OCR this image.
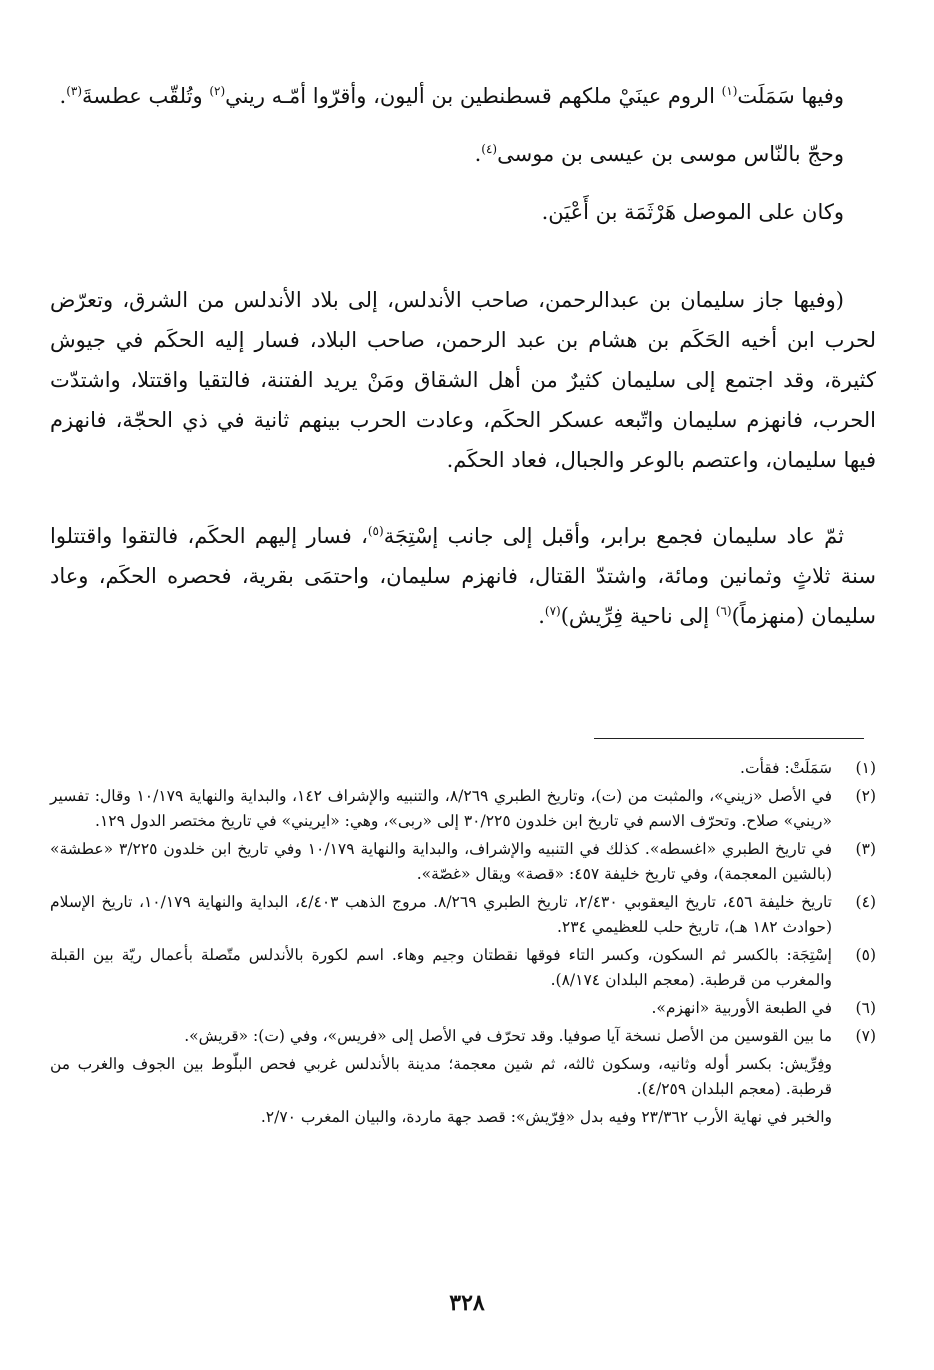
وفيها سَمَلَت$^{(١)}$ الروم عينَيْ ملكهم قسطنطين بن أليون، وأقرّوا أمّـه ريني$^{(٢)}$ وتُلقّب عطسةَ$^{(٣)}$.

وحجّ بالنّاس موسى بن عيسى بن موسى$^{(٤)}$.

وكان على الموصل هَرْثَمَة بن أَعْيَن.

(وفيها جاز سليمان بن عبدالرحمن، صاحب الأندلس، إلى بلاد الأندلس من الشرق، وتعرّض لحرب ابن أخيه الحَكَم بن هشام بن عبد الرحمن، صاحب البلاد، فسار إليه الحكَم في جيوش كثيرة، وقد اجتمع إلى سليمان كثيرٌ من أهل الشقاق ومَنْ يريد الفتنة، فالتقيا واقتتلا، واشتدّت الحرب، فانهزم سليمان واتّبعه عسكر الحكَم، وعادت الحرب بينهم ثانية في ذي الحجّة، فانهزم فيها سليمان، واعتصم بالوعر والجبال، فعاد الحكَم.

ثمّ عاد سليمان فجمع برابر، وأقبل إلى جانب إسْتِجَة$^{(٥)}$، فسار إليهم الحكَم، فالتقوا واقتتلوا سنة ثلاثٍ وثمانين ومائة، واشتدّ القتال، فانهزم سليمان، واحتمَى بقرية، فحصره الحكَم، وعاد سليمان (منهزماً)$^{(٦)}$ إلى ناحية فِرِّيش)$^{(٧)}$.

(١)
سَمَلَتْ: فقأت.
(٢)
في الأصل «زيني»، والمثبت من (ت)، وتاريخ الطبري ٨/٢٦٩، والتنبيه والإشراف ١٤٢، والبداية والنهاية ١٠/١٧٩ وقال: تفسير «ريني» صلاح. وتحرّف الاسم في تاريخ ابن خلدون ٣٠/٢٢٥ إلى «ربى»، وهي: «ايريني» في تاريخ مختصر الدول ١٢٩.
(٣)
في تاريخ الطبري «اغسطه». كذلك في التنبيه والإشراف، والبداية والنهاية ١٠/١٧٩ وفي تاريخ ابن خلدون ٣/٢٢٥ «عطشة» (بالشين المعجمة)، وفي تاريخ خليفة ٤٥٧: «قصة» ويقال «غصّة».
(٤)
تاريخ خليفة ٤٥٦، تاريخ اليعقوبي ٢/٤٣٠، تاريخ الطبري ٨/٢٦٩. مروج الذهب ٤/٤٠٣، البداية والنهاية ١٠/١٧٩، تاريخ الإسلام (حوادث ١٨٢ هـ)، تاريخ حلب للعظيمي ٢٣٤.
(٥)
إسْتِجَة: بالكسر ثم السكون، وكسر التاء فوقها نقطتان وجيم وهاء. اسم لكورة بالأندلس متّصلة بأعمال ريّة بين القبلة والمغرب من قرطبة. (معجم البلدان ٨/١٧٤).
(٦)
في الطبعة الأوربية «انهزم».
(٧)
ما بين القوسين من الأصل نسخة آيا صوفيا. وقد تحرّف في الأصل إلى «فريس»، وفي (ت): «قريش».
وفِرِّيش: بكسر أوله وثانيه، وسكون ثالثه، ثم شين معجمة؛ مدينة بالأندلس غربي فحص البلّوط بين الجوف والغرب من قرطبة. (معجم البلدان ٤/٢٥٩).
والخبر في نهاية الأرب ٢٣/٣٦٢ وفيه بدل «فِرّيش»: قصد جهة ماردة، والبيان المغرب ٢/٧٠.
٣٢٨
